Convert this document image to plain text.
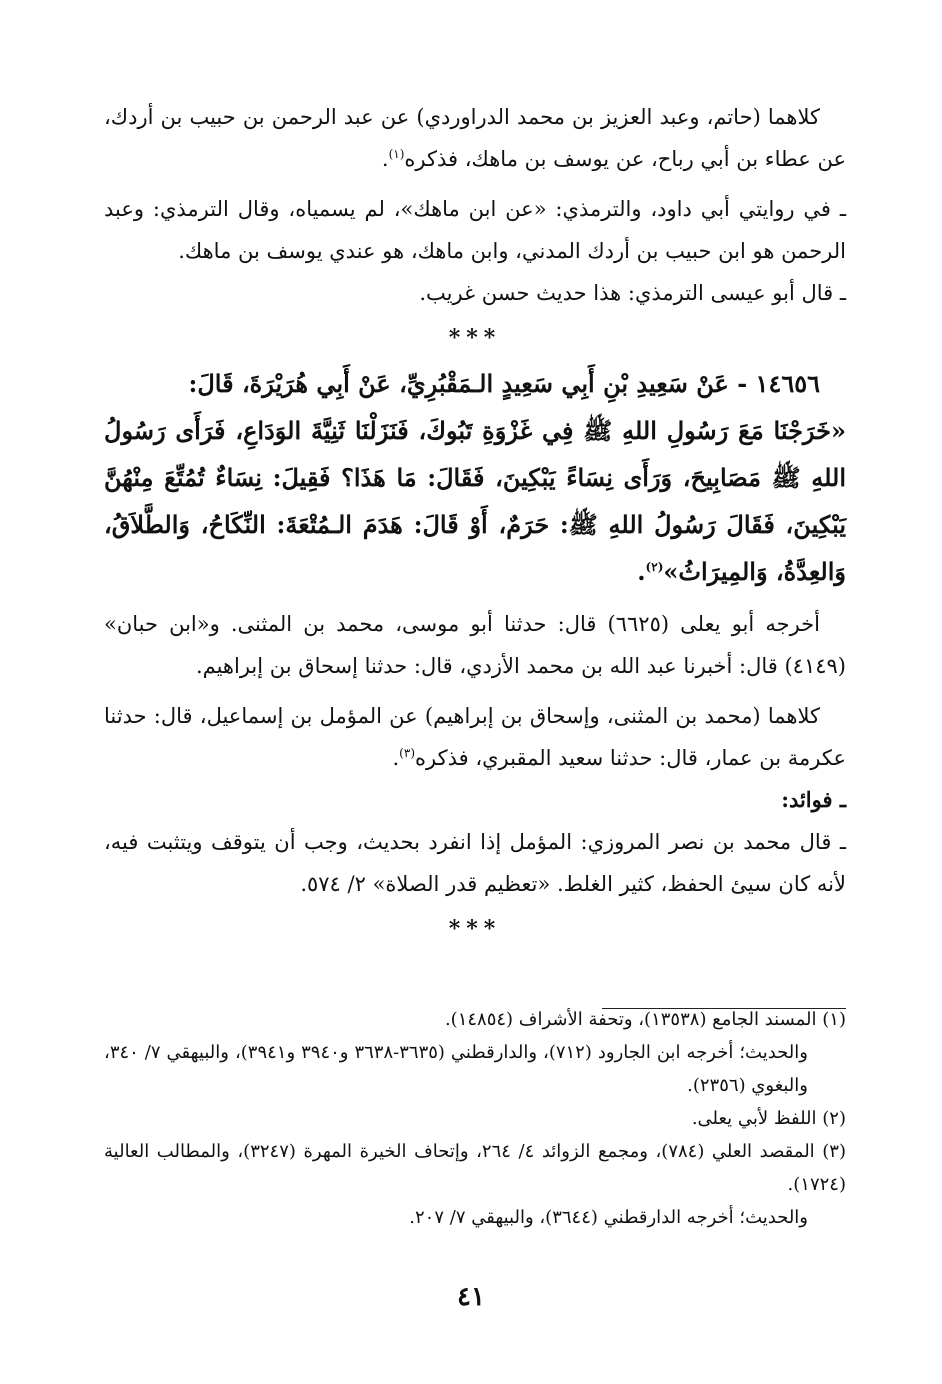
كلاهما (حاتم، وعبد العزيز بن محمد الدراوردي) عن عبد الرحمن بن حبيب بن أردك، عن عطاء بن أبي رباح، عن يوسف بن ماهك، فذكره$^{(١)}$.

ـ في روايتي أبي داود، والترمذي: «عن ابن ماهك»، لم يسمياه، وقال الترمذي: وعبد الرحمن هو ابن حبيب بن أردك المدني، وابن ماهك، هو عندي يوسف بن ماهك.

ـ قال أبو عيسى الترمذي: هذا حديث حسن غريب.

***

١٤٦٥٦ - عَنْ سَعِيدِ بْنِ أَبِي سَعِيدٍ الـمَقْبُرِيِّ، عَنْ أَبِي هُرَيْرَةَ، قَالَ:

«خَرَجْنَا مَعَ رَسُولِ اللهِ ﷺ فِي غَزْوَةِ تَبُوكَ، فَنَزَلْنَا ثَنِيَّةَ الوَدَاعِ، فَرَأَى رَسُولُ اللهِ ﷺ مَصَابِيحَ، وَرَأَى نِسَاءً يَبْكِينَ، فَقَالَ: مَا هَذَا؟ فَقِيلَ: نِسَاءٌ تُمُتِّعَ مِنْهُنَّ يَبْكِينَ، فَقَالَ رَسُولُ اللهِ ﷺ: حَرَمٌ، أَوْ قَالَ: هَدَمَ الـمُتْعَةَ: النِّكَاحُ، وَالطَّلاَقُ، وَالعِدَّةُ، وَالمِيرَاثُ»$^{(٢)}$.

أخرجه أبو يعلى (٦٦٢٥) قال: حدثنا أبو موسى، محمد بن المثنى. و«ابن حبان» (٤١٤٩) قال: أخبرنا عبد الله بن محمد الأزدي، قال: حدثنا إسحاق بن إبراهيم.

كلاهما (محمد بن المثنى، وإسحاق بن إبراهيم) عن المؤمل بن إسماعيل، قال: حدثنا عكرمة بن عمار، قال: حدثنا سعيد المقبري، فذكره$^{(٣)}$.

ـ فوائد:

ـ قال محمد بن نصر المروزي: المؤمل إذا انفرد بحديث، وجب أن يتوقف ويتثبت فيه، لأنه كان سيئ الحفظ، كثير الغلط. «تعظيم قدر الصلاة» ٢/ ٥٧٤.

***

(١) المسند الجامع (١٣٥٣٨)، وتحفة الأشراف (١٤٨٥٤).

والحديث؛ أخرجه ابن الجارود (٧١٢)، والدارقطني (٣٦٣٥-٣٦٣٨ و٣٩٤٠ و٣٩٤١)، والبيهقي ٧/ ٣٤٠، والبغوي (٢٣٥٦).

(٢) اللفظ لأبي يعلى.

(٣) المقصد العلي (٧٨٤)، ومجمع الزوائد ٤/ ٢٦٤، وإتحاف الخيرة المهرة (٣٢٤٧)، والمطالب العالية (١٧٢٤).

والحديث؛ أخرجه الدارقطني (٣٦٤٤)، والبيهقي ٧/ ٢٠٧.

٤١
